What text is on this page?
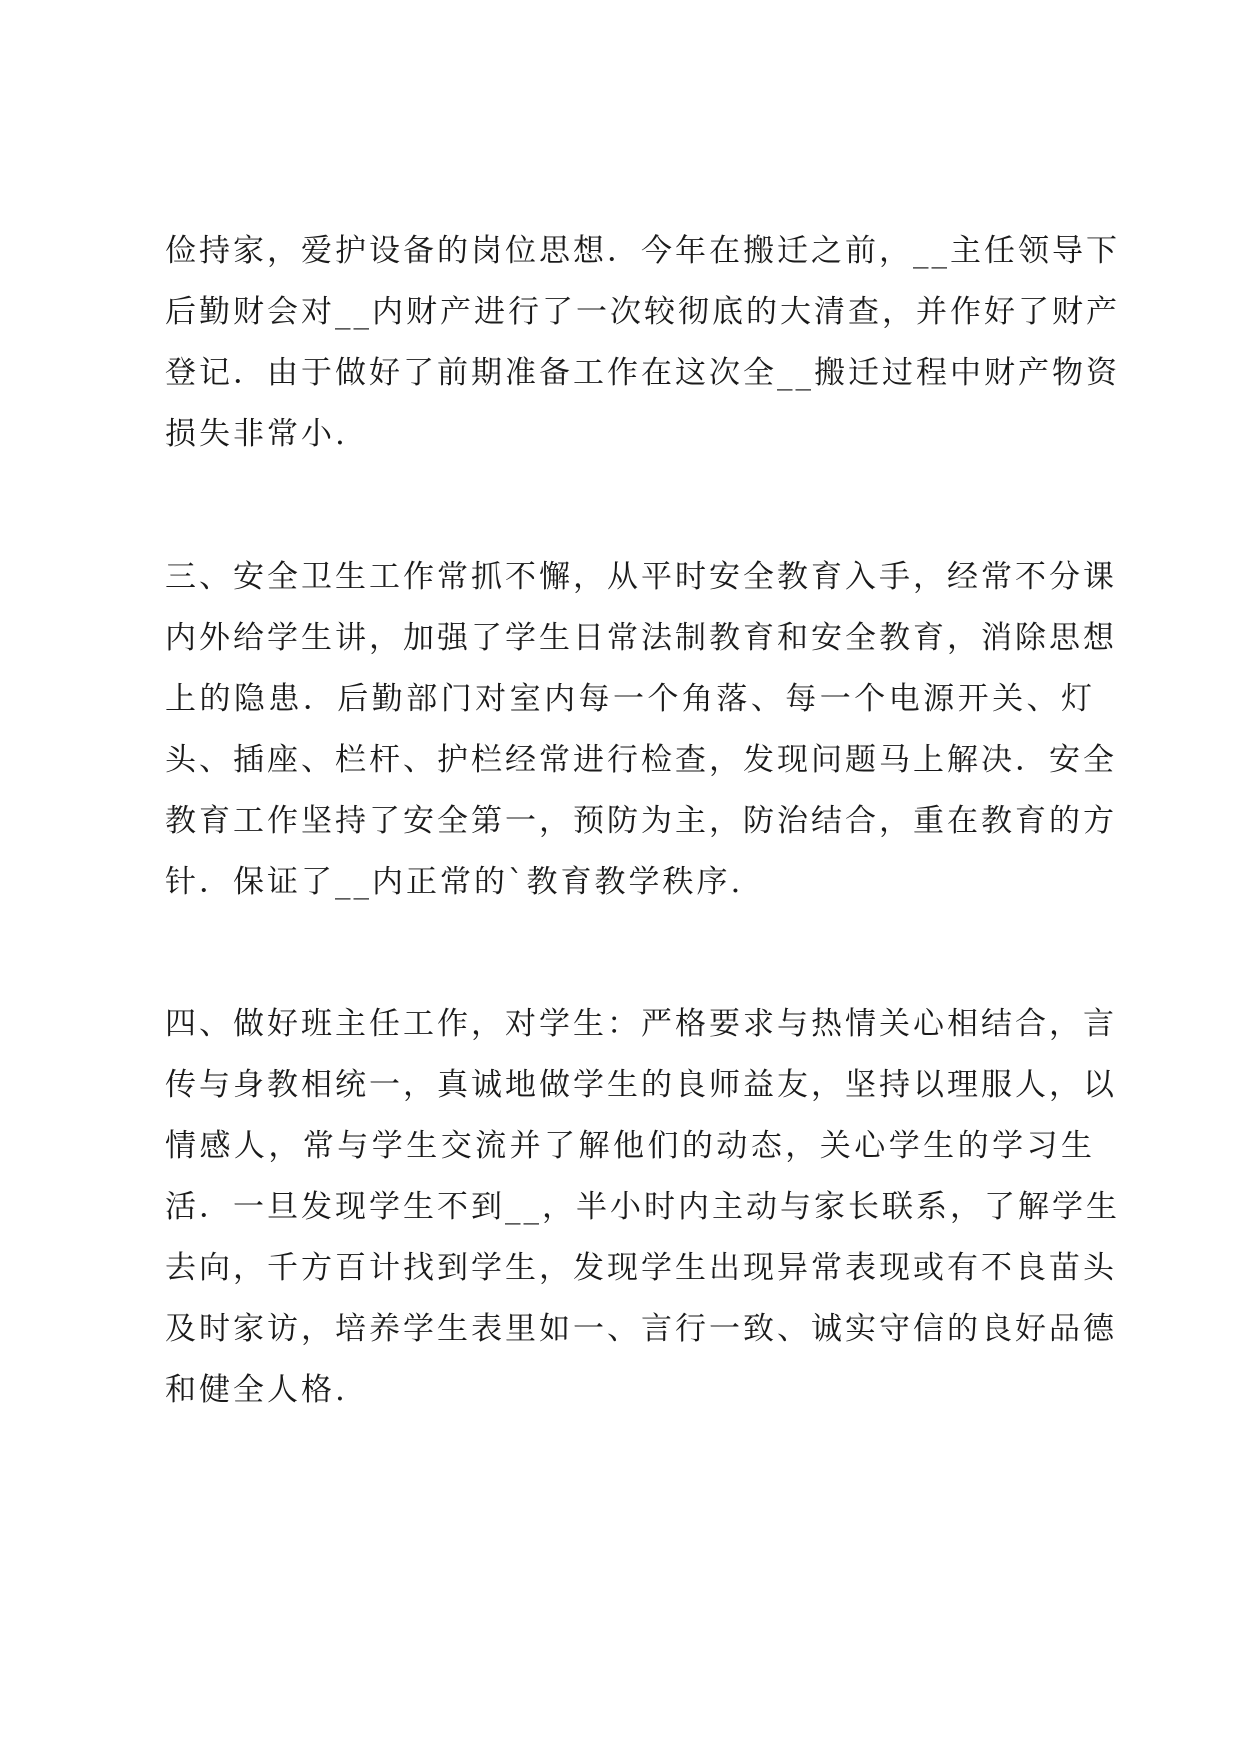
俭持家，爱护设备的岗位思想．今年在搬迁之前，__主任领导下

后勤财会对__内财产进行了一次较彻底的大清查，并作好了财产

登记．由于做好了前期准备工作在这次全__搬迁过程中财产物资

损失非常小.

三、安全卫生工作常抓不懈，从平时安全教育入手，经常不分课

内外给学生讲，加强了学生日常法制教育和安全教育，消除思想

上的隐患．后勤部门对室内每一个角落、每一个电源开关、灯

头、插座、栏杆、护栏经常进行检查，发现问题马上解决．安全

教育工作坚持了安全第一，预防为主，防治结合，重在教育的方

针．保证了__内正常的`教育教学秩序.

四、做好班主任工作，对学生：严格要求与热情关心相结合，言

传与身教相统一，真诚地做学生的良师益友，坚持以理服人，以

情感人，常与学生交流并了解他们的动态，关心学生的学习生

活．一旦发现学生不到__，半小时内主动与家长联系，了解学生

去向，千方百计找到学生，发现学生出现异常表现或有不良苗头

及时家访，培养学生表里如一、言行一致、诚实守信的良好品德

和健全人格.
